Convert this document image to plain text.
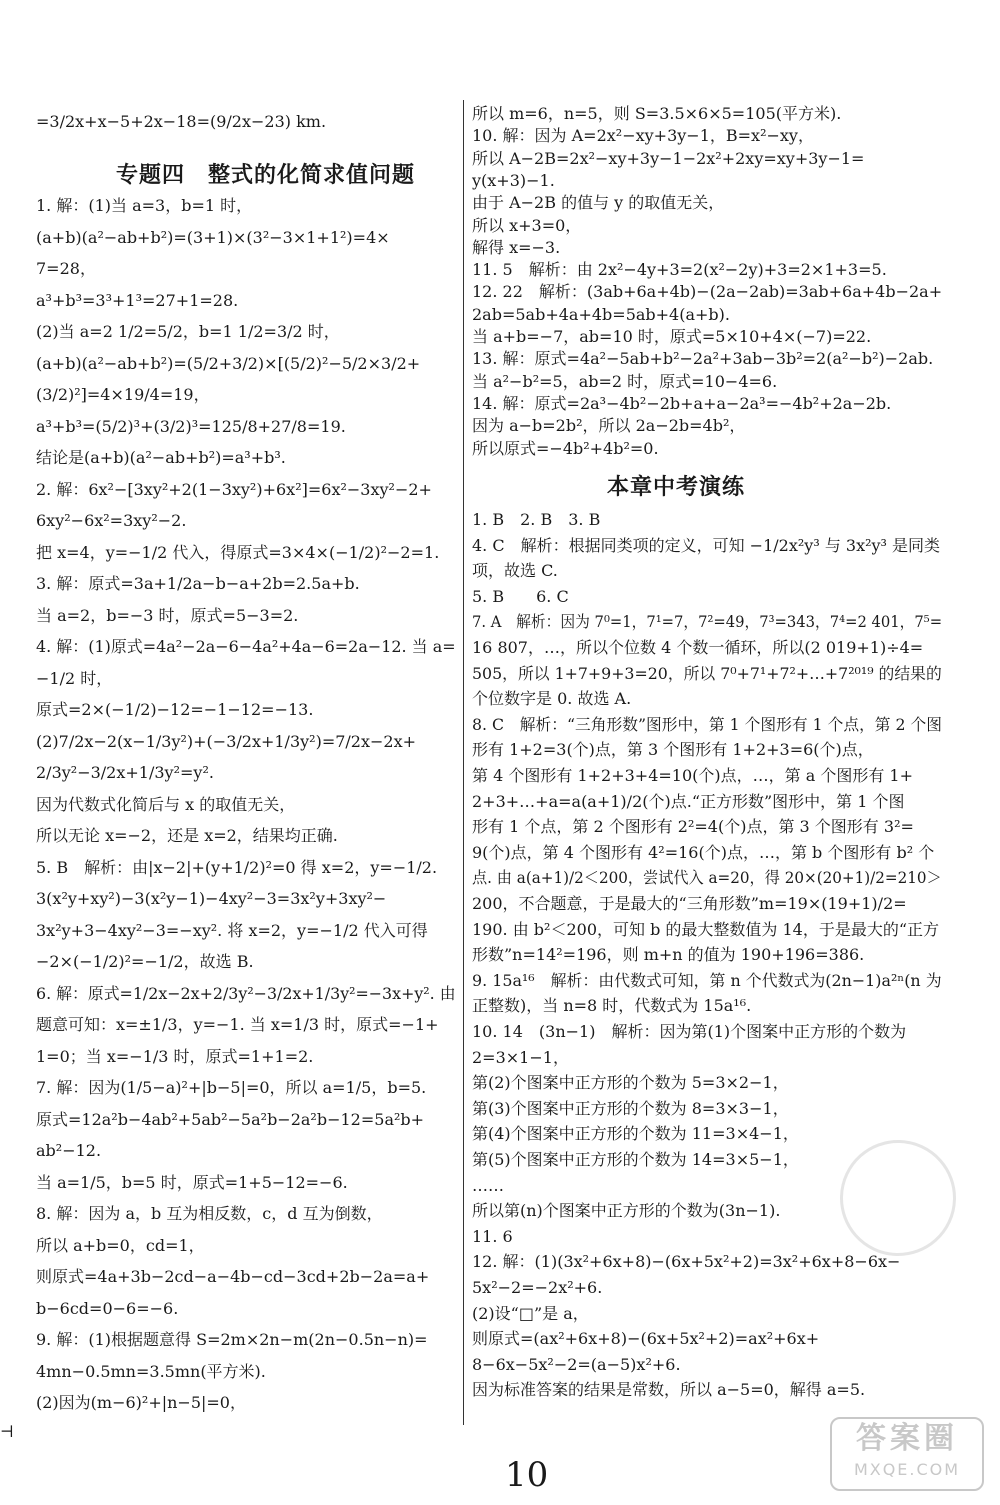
=3/2x+x−5+2x−18=(9/2x−23) km.
专题四　整式的化简求值问题
1. 解：(1)当 a=3，b=1 时，
(a+b)(a²−ab+b²)=(3+1)×(3²−3×1+1²)=4×
7=28，
a³+b³=3³+1³=27+1=28.
(2)当 a=2 1/2=5/2，b=1 1/2=3/2 时，
(a+b)(a²−ab+b²)=(5/2+3/2)×[(5/2)²−5/2×3/2+
(3/2)²]=4×19/4=19，
a³+b³=(5/2)³+(3/2)³=125/8+27/8=19.
结论是(a+b)(a²−ab+b²)=a³+b³.
2. 解：6x²−[3xy²+2(1−3xy²)+6x²]=6x²−3xy²−2+
6xy²−6x²=3xy²−2.
把 x=4，y=−1/2 代入，得原式=3×4×(−1/2)²−2=1.
3. 解：原式=3a+1/2a−b−a+2b=2.5a+b.
当 a=2，b=−3 时，原式=5−3=2.
4. 解：(1)原式=4a²−2a−6−4a²+4a−6=2a−12. 当 a=
−1/2 时，
原式=2×(−1/2)−12=−1−12=−13.
(2)7/2x−2(x−1/3y²)+(−3/2x+1/3y²)=7/2x−2x+
2/3y²−3/2x+1/3y²=y².
因为代数式化简后与 x 的取值无关，
所以无论 x=−2，还是 x=2，结果均正确.
5. B　解析：由|x−2|+(y+1/2)²=0 得 x=2，y=−1/2.
3(x²y+xy²)−3(x²y−1)−4xy²−3=3x²y+3xy²−
3x²y+3−4xy²−3=−xy². 将 x=2，y=−1/2 代入可得
−2×(−1/2)²=−1/2，故选 B.
6. 解：原式=1/2x−2x+2/3y²−3/2x+1/3y²=−3x+y². 由
题意可知：x=±1/3，y=−1. 当 x=1/3 时，原式=−1+
1=0；当 x=−1/3 时，原式=1+1=2.
7. 解：因为(1/5−a)²+|b−5|=0，所以 a=1/5，b=5.
原式=12a²b−4ab²+5ab²−5a²b−2a²b−12=5a²b+
ab²−12.
当 a=1/5，b=5 时，原式=1+5−12=−6.
8. 解：因为 a，b 互为相反数，c，d 互为倒数，
所以 a+b=0，cd=1，
则原式=4a+3b−2cd−a−4b−cd−3cd+2b−2a=a+
b−6cd=0−6=−6.
9. 解：(1)根据题意得 S=2m×2n−m(2n−0.5n−n)=
4mn−0.5mn=3.5mn(平方米).
(2)因为(m−6)²+|n−5|=0，
本章中考演练
所以 m=6，n=5，则 S=3.5×6×5=105(平方米).
10. 解：因为 A=2x²−xy+3y−1，B=x²−xy，
所以 A−2B=2x²−xy+3y−1−2x²+2xy=xy+3y−1=
y(x+3)−1.
由于 A−2B 的值与 y 的取值无关，
所以 x+3=0，
解得 x=−3.
11. 5　解析：由 2x²−4y+3=2(x²−2y)+3=2×1+3=5.
12. 22　解析：(3ab+6a+4b)−(2a−2ab)=3ab+6a+4b−2a+
2ab=5ab+4a+4b=5ab+4(a+b).
当 a+b=−7，ab=10 时，原式=5×10+4×(−7)=22.
13. 解：原式=4a²−5ab+b²−2a²+3ab−3b²=2(a²−b²)−2ab.
当 a²−b²=5，ab=2 时，原式=10−4=6.
14. 解：原式=2a³−4b²−2b+a+a−2a³=−4b²+2a−2b.
因为 a−b=2b²，所以 2a−2b=4b²，
所以原式=−4b²+4b²=0.
1. B　2. B　3. B
4. C　解析：根据同类项的定义，可知 −1/2x²y³ 与 3x²y³ 是同类
项，故选 C.
5. B　　6. C
7. A　解析：因为 7⁰=1，7¹=7，7²=49，7³=343，7⁴=2 401，7⁵=
16 807，…，所以个位数 4 个数一循环，所以(2 019+1)÷4=
505，所以 1+7+9+3=20，所以 7⁰+7¹+7²+…+7²⁰¹⁹ 的结果的
个位数字是 0. 故选 A.
8. C　解析：“三角形数”图形中，第 1 个图形有 1 个点，第 2 个图
形有 1+2=3(个)点，第 3 个图形有 1+2+3=6(个)点，
第 4 个图形有 1+2+3+4=10(个)点，…，第 a 个图形有 1+
2+3+…+a=a(a+1)/2(个)点.“正方形数”图形中，第 1 个图
形有 1 个点，第 2 个图形有 2²=4(个)点，第 3 个图形有 3²=
9(个)点，第 4 个图形有 4²=16(个)点，…，第 b 个图形有 b² 个
点. 由 a(a+1)/2＜200，尝试代入 a=20，得 20×(20+1)/2=210＞
200，不合题意，于是最大的“三角形数”m=19×(19+1)/2=
190. 由 b²＜200，可知 b 的最大整数值为 14，于是最大的“正方
形数”n=14²=196，则 m+n 的值为 190+196=386.
9. 15a¹⁶　解析：由代数式可知，第 n 个代数式为(2n−1)a²ⁿ(n 为
正整数)，当 n=8 时，代数式为 15a¹⁶.
10. 14　(3n−1)　解析：因为第(1)个图案中正方形的个数为
2=3×1−1，
第(2)个图案中正方形的个数为 5=3×2−1，
第(3)个图案中正方形的个数为 8=3×3−1，
第(4)个图案中正方形的个数为 11=3×4−1，
第(5)个图案中正方形的个数为 14=3×5−1，
……
所以第(n)个图案中正方形的个数为(3n−1).
11. 6
12. 解：(1)(3x²+6x+8)−(6x+5x²+2)=3x²+6x+8−6x−
5x²−2=−2x²+6.
(2)设“□”是 a，
则原式=(ax²+6x+8)−(6x+5x²+2)=ax²+6x+
8−6x−5x²−2=(a−5)x²+6.
因为标准答案的结果是常数，所以 a−5=0，解得 a=5.
⊣
10
答案圈
MXQE.COM
